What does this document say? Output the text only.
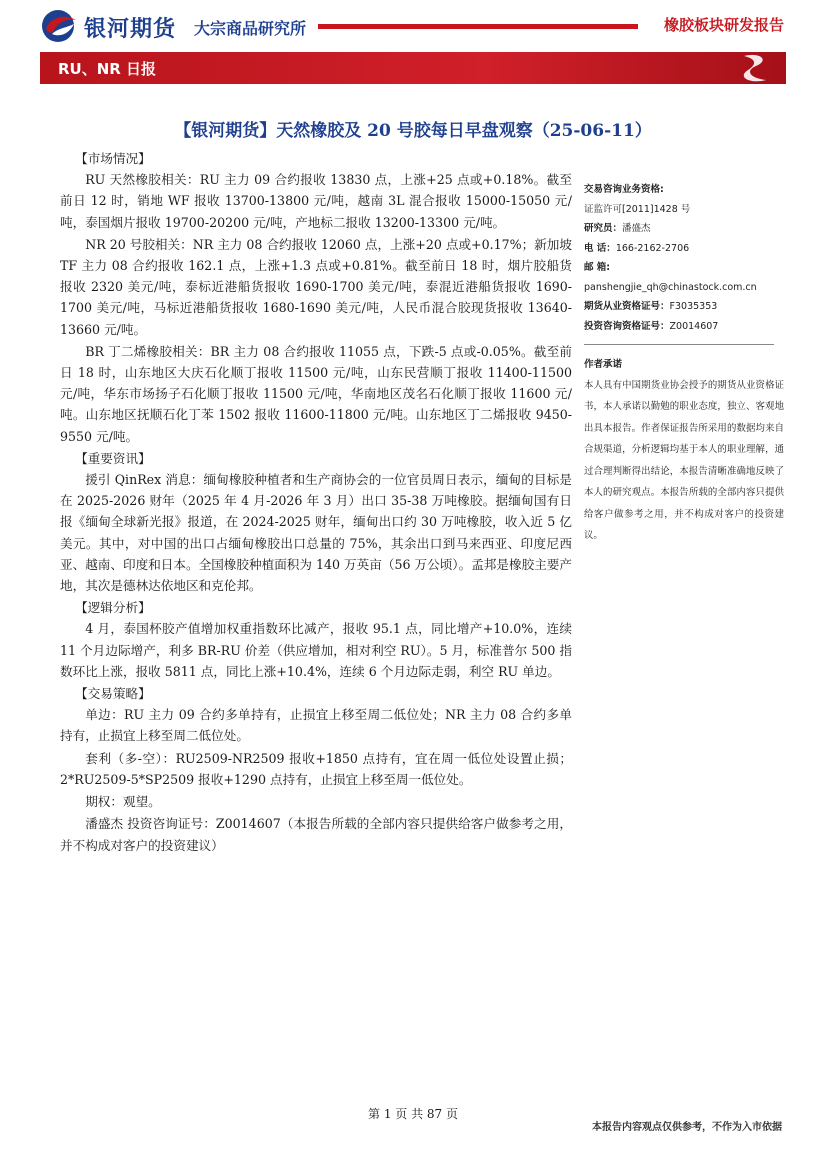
银河期货 大宗商品研究所	橡胶板块研发报告
RU、NR 日报
【银河期货】天然橡胶及 20 号胶每日早盘观察（25-06-11）

【市场情况】

RU 天然橡胶相关：RU 主力 09 合约报收 13830 点，上涨+25 点或+0.18%。截至前日 12 时，销地 WF 报收 13700-13800 元/吨，越南 3L 混合报收 15000-15050 元/吨，泰国烟片报收 19700-20200 元/吨，产地标二报收 13200-13300 元/吨。

NR 20 号胶相关：NR 主力 08 合约报收 12060 点，上涨+20 点或+0.17%；新加坡 TF 主力 08 合约报收 162.1 点，上涨+1.3 点或+0.81%。截至前日 18 时，烟片胶船货报收 2320 美元/吨，泰标近港船货报收 1690-1700 美元/吨，泰混近港船货报收 1690-1700 美元/吨，马标近港船货报收 1680-1690 美元/吨，人民币混合胶现货报收 13640-13660 元/吨。

BR 丁二烯橡胶相关：BR 主力 08 合约报收 11055 点，下跌-5 点或-0.05%。截至前日 18 时，山东地区大庆石化顺丁报收 11500 元/吨，山东民营顺丁报收 11400-11500 元/吨，华东市场扬子石化顺丁报收 11500 元/吨，华南地区茂名石化顺丁报收 11600 元/吨。山东地区抚顺石化丁苯 1502 报收 11600-11800 元/吨。山东地区丁二烯报收 9450-9550 元/吨。

【重要资讯】

援引 QinRex 消息：缅甸橡胶种植者和生产商协会的一位官员周日表示，缅甸的目标是在 2025-2026 财年（2025 年 4 月-2026 年 3 月）出口 35-38 万吨橡胶。据缅甸国有日报《缅甸全球新光报》报道，在 2024-2025 财年，缅甸出口约 30 万吨橡胶，收入近 5 亿美元。其中，对中国的出口占缅甸橡胶出口总量的 75%，其余出口到马来西亚、印度尼西亚、越南、印度和日本。全国橡胶种植面积为 140 万英亩（56 万公顷）。孟邦是橡胶主要产地，其次是德林达依地区和克伦邦。

【逻辑分析】

4 月，泰国杯胶产值增加权重指数环比减产，报收 95.1 点，同比增产+10.0%，连续 11 个月边际增产，利多 BR-RU 价差（供应增加，相对利空 RU）。5 月，标准普尔 500 指数环比上涨，报收 5811 点，同比上涨+10.4%，连续 6 个月边际走弱，利空 RU 单边。

【交易策略】

单边：RU 主力 09 合约多单持有，止损宜上移至周二低位处；NR 主力 08 合约多单持有，止损宜上移至周二低位处。

套利（多-空）：RU2509-NR2509 报收+1850 点持有，宜在周一低位处设置止损；2*RU2509-5*SP2509 报收+1290 点持有，止损宜上移至周一低位处。

期权：观望。

潘盛杰 投资咨询证号：Z0014607（本报告所载的全部内容只提供给客户做参考之用，并不构成对客户的投资建议）

交易咨询业务资格:
证监许可[2011]1428 号
研究员：潘盛杰
电 话：166-2162-2706
邮 箱:
panshengjie_qh@chinastock.com.cn
期货从业资格证号：F3035353
投资咨询资格证号：Z0014607
作者承诺
本人具有中国期货业协会授予的期货从业资格证书，本人承诺以勤勉的职业态度，独立、客观地出具本报告。作者保证报告所采用的数据均来自合规渠道，分析逻辑均基于本人的职业理解，通过合理判断得出结论，本报告清晰准确地反映了本人的研究观点。本报告所载的全部内容只提供给客户做参考之用，并不构成对客户的投资建议。
第 1 页 共 87 页
本报告内容观点仅供参考，不作为入市依据
